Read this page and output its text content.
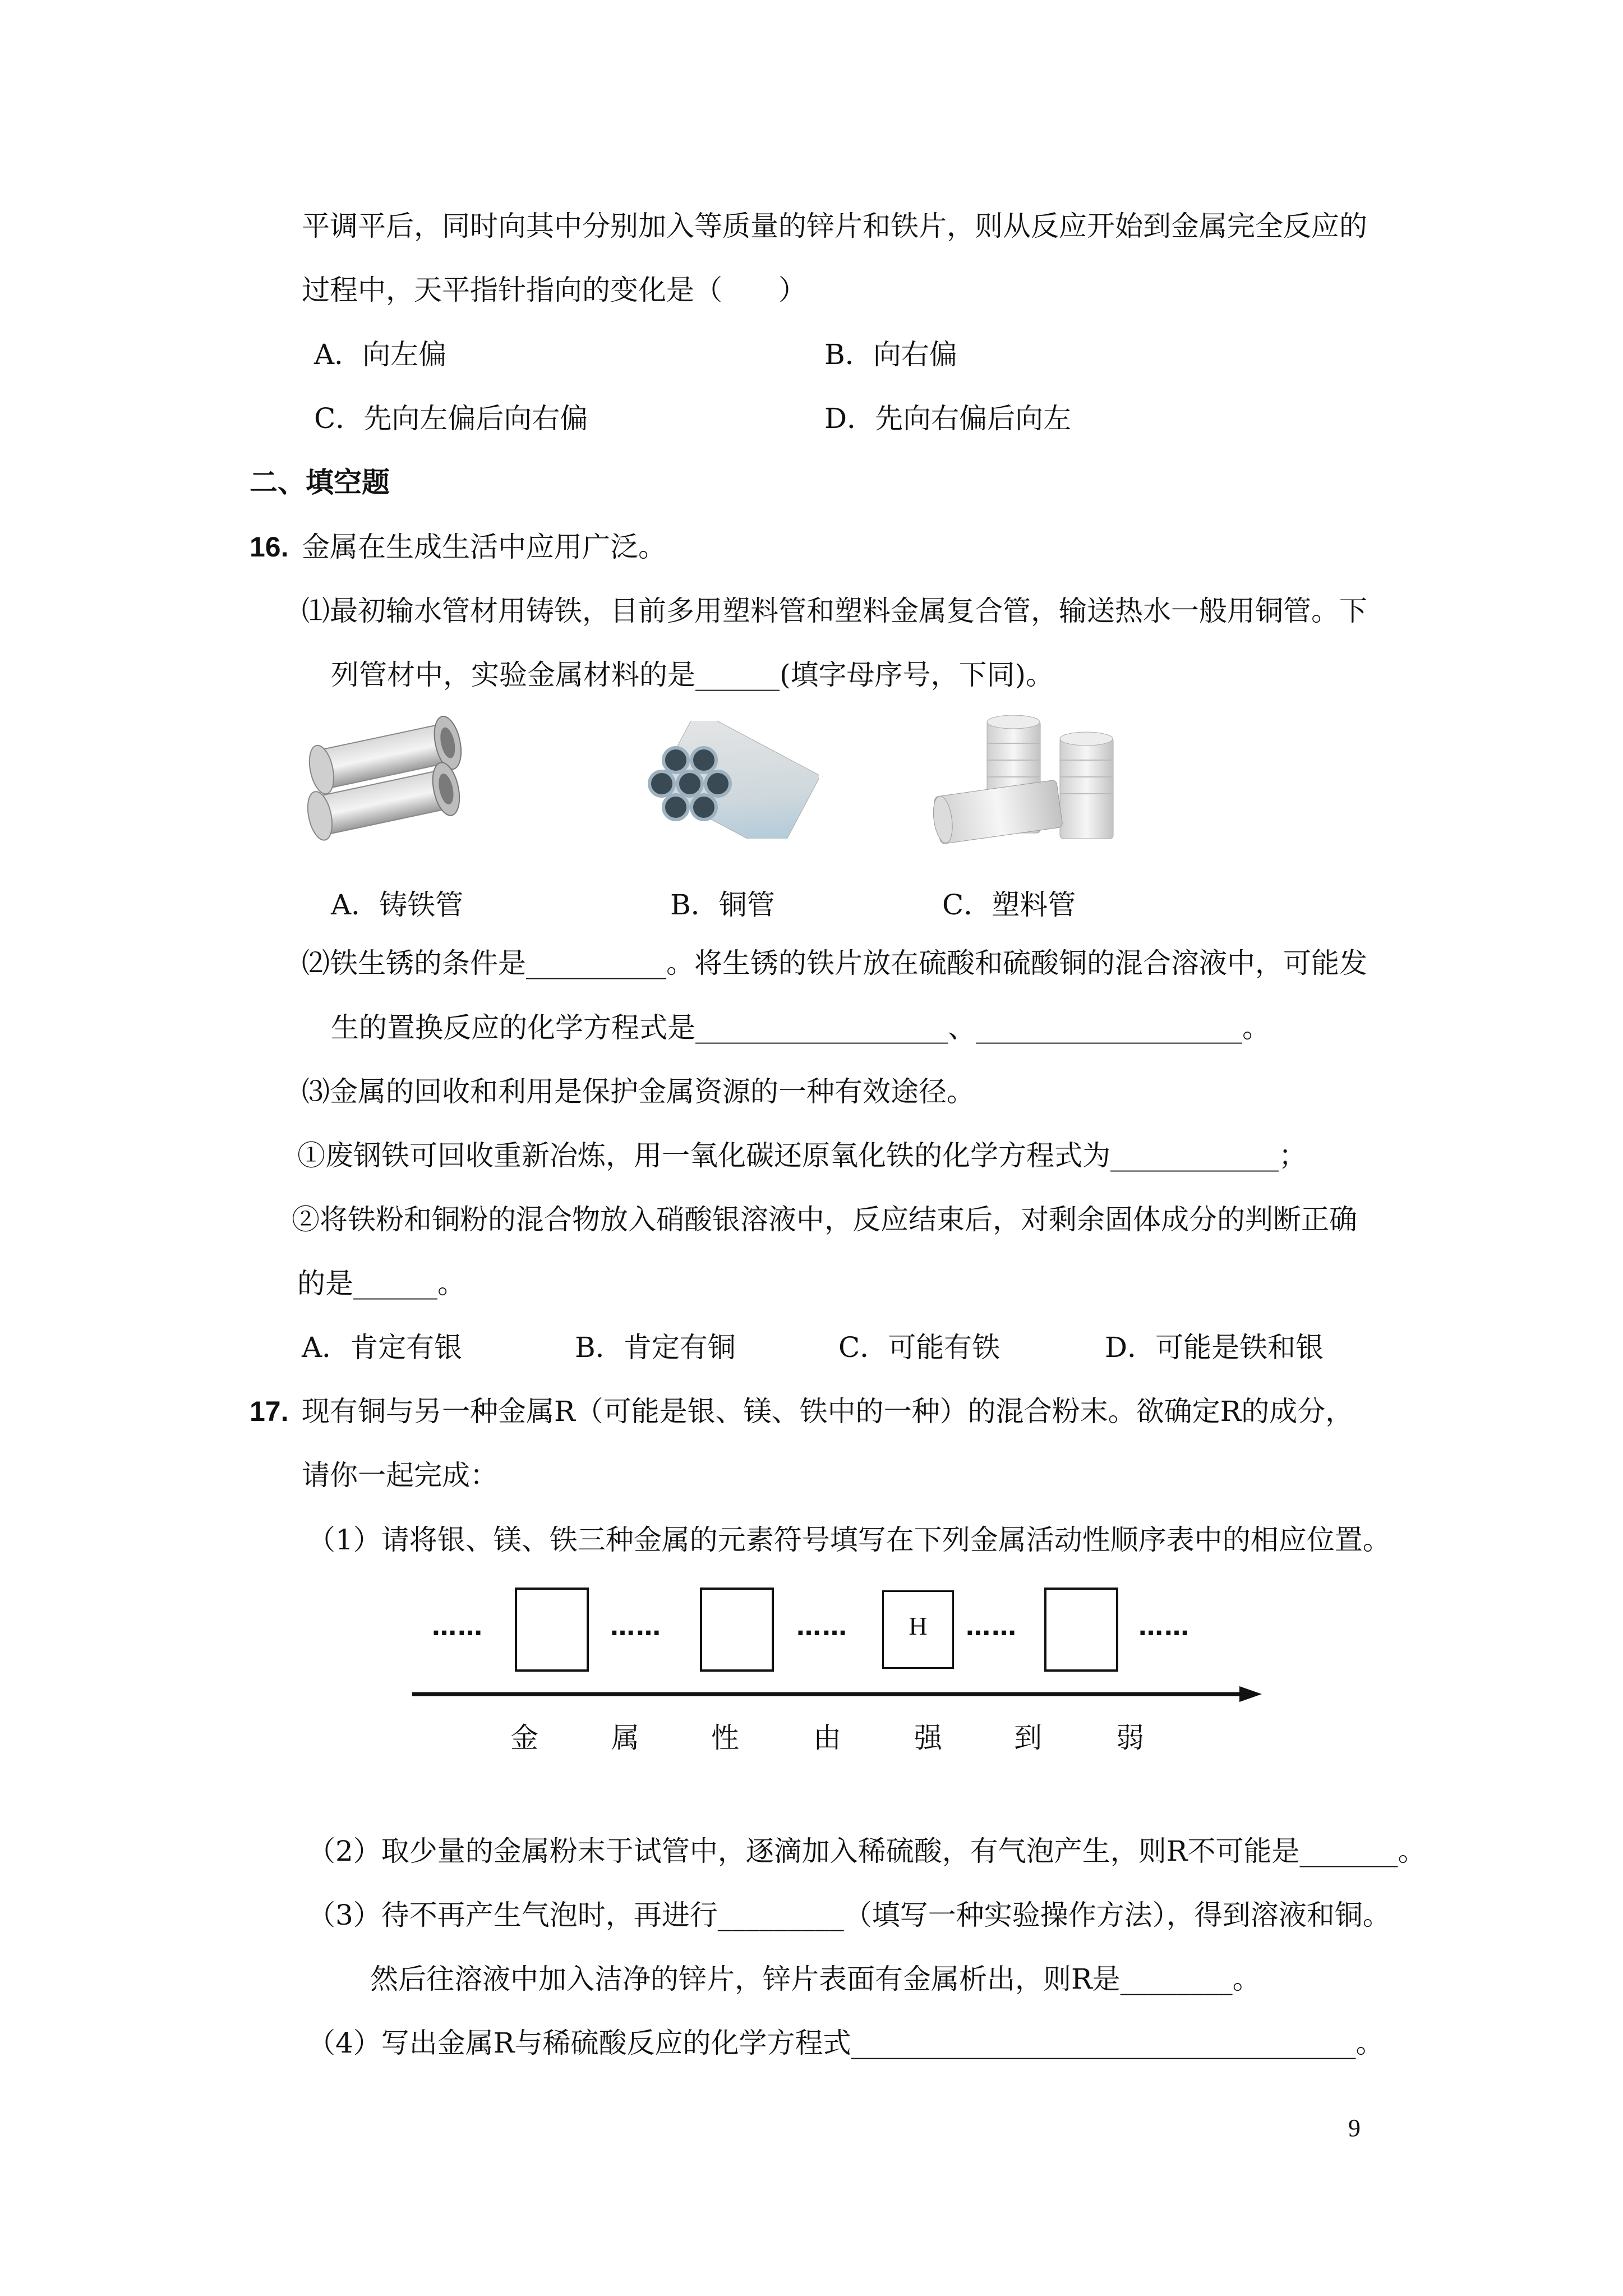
平调平后，同时向其中分别加入等质量的锌片和铁片，则从反应开始到金属完全反应的
过程中，天平指针指向的变化是（　　）
A．向左偏	B．向右偏
C．先向左偏后向右偏	D．先向右偏后向左
二、填空题
16. 金属在生成生活中应用广泛。
⑴最初输水管材用铸铁，目前多用塑料管和塑料金属复合管，输送热水一般用铜管。下
列管材中，实验金属材料的是______(填字母序号，下同)。
A．铸铁管	B．铜管	C．塑料管
⑵铁生锈的条件是__________。将生锈的铁片放在硫酸和硫酸铜的混合溶液中，可能发
生的置换反应的化学方程式是__________________、___________________。
⑶金属的回收和利用是保护金属资源的一种有效途径。
①废钢铁可回收重新冶炼，用一氧化碳还原氧化铁的化学方程式为____________；
②将铁粉和铜粉的混合物放入硝酸银溶液中，反应结束后，对剩余固体成分的判断正确
的是______。
A．肯定有银	B．肯定有铜	C．可能有铁	D．可能是铁和银
17. 现有铜与另一种金属R（可能是银、镁、铁中的一种）的混合粉末。欲确定R的成分，
请你一起完成：
（1）请将银、镁、铁三种金属的元素符号填写在下列金属活动性顺序表中的相应位置。
……	……	……	H	……	……
金	属	性	由	强	到	弱
（2）取少量的金属粉末于试管中，逐滴加入稀硫酸，有气泡产生，则R不可能是_______。
（3）待不再产生气泡时，再进行_________（填写一种实验操作方法），得到溶液和铜。
然后往溶液中加入洁净的锌片，锌片表面有金属析出，则R是________。
（4）写出金属R与稀硫酸反应的化学方程式____________________________________。
9
